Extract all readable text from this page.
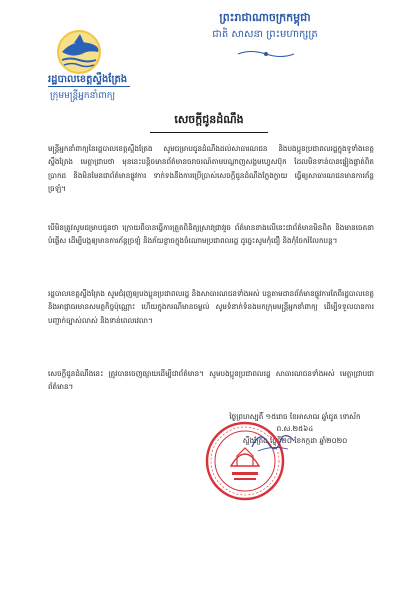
រដ្ឋបាលខេត្តស្ទឹងត្រែង
ក្រុមមន្ត្រីអ្នកនាំពាក្យ
ព្រះរាជាណាចក្រកម្ពុជា
ជាតិ សាសនា ព្រះមហាក្សត្រ
សេចក្តីជូនដំណឹង
មន្ត្រីអ្នកនាំពាក្យនៃរដ្ឋបាលខេត្តស្ទឹងត្រែង សូមជម្រាបជូនដំណឹងដល់សាធារណជន និងបងប្អូនប្រជាពលរដ្ឋក្នុងទូទាំងខេត្តស្ទឹងត្រែង មេត្តាជ្រាបថា មុននេះបន្តិចមានព័ត៌មានចរាចរណ៍តាមបណ្តាញសង្គមហ្វេសប៊ុក ដែលមិនទាន់បានផ្ទៀងផ្ទាត់ពិតប្រាកដ និងមិនមែនជាព័ត៌មានផ្លូវការ ទាក់ទងនឹងការប្រើប្រាស់សេចក្តីជូនដំណឹងក្លែងក្លាយ ធ្វើឲ្យសាធារណជនមានការភ័ន្តច្រឡំ។
បើមិនត្រូវសូមជម្រាបជូនថា ក្រោយពីបានធ្វើការត្រួតពិនិត្យស្រាវជ្រាវរួច ព័ត៌មានខាងលើនេះជាព័ត៌មានមិនពិត និងមានចេតនាបំផ្លើស ដើម្បីបង្កឲ្យមានការភ័ន្តច្រឡំ និងភ័យខ្លាចក្នុងចំណោមប្រជាពលរដ្ឋ ដូច្នេះសូមកុំជឿ និងកុំចែករំលែកបន្ត។
រដ្ឋបាលខេត្តស្ទឹងត្រែង សូមជំរុញឲ្យបងប្អូនប្រជាពលរដ្ឋ និងសាធារណជនទាំងអស់ បន្តតាមដានព័ត៌មានផ្លូវការតែពីរដ្ឋបាលខេត្ត និងអាជ្ញាធរមានសមត្ថកិច្ចប៉ុណ្ណោះ ហើយក្នុងករណីមានចម្ងល់ សូមទំនាក់ទំនងមកក្រុមមន្ត្រីអ្នកនាំពាក្យ ដើម្បីទទួលបានការបញ្ជាក់ច្បាស់លាស់ និងទាន់ពេលវេលា។
សេចក្តីជូនដំណឹងនេះ ត្រូវបានចេញផ្សាយដើម្បីជាព័ត៌មាន។ សូមបងប្អូនប្រជាពលរដ្ឋ សាធារណជនទាំងអស់ មេត្តាជ្រាបជាព័ត៌មាន។
ថ្ងៃព្រហស្បតិ៍ ១៥រោច ខែអាសាឍ ឆ្នាំជូត ទោស័ក ព.ស.២៥៦៤
ស្ទឹងត្រែង ថ្ងៃទី២០ ខែកក្កដា ឆ្នាំ២០២០
